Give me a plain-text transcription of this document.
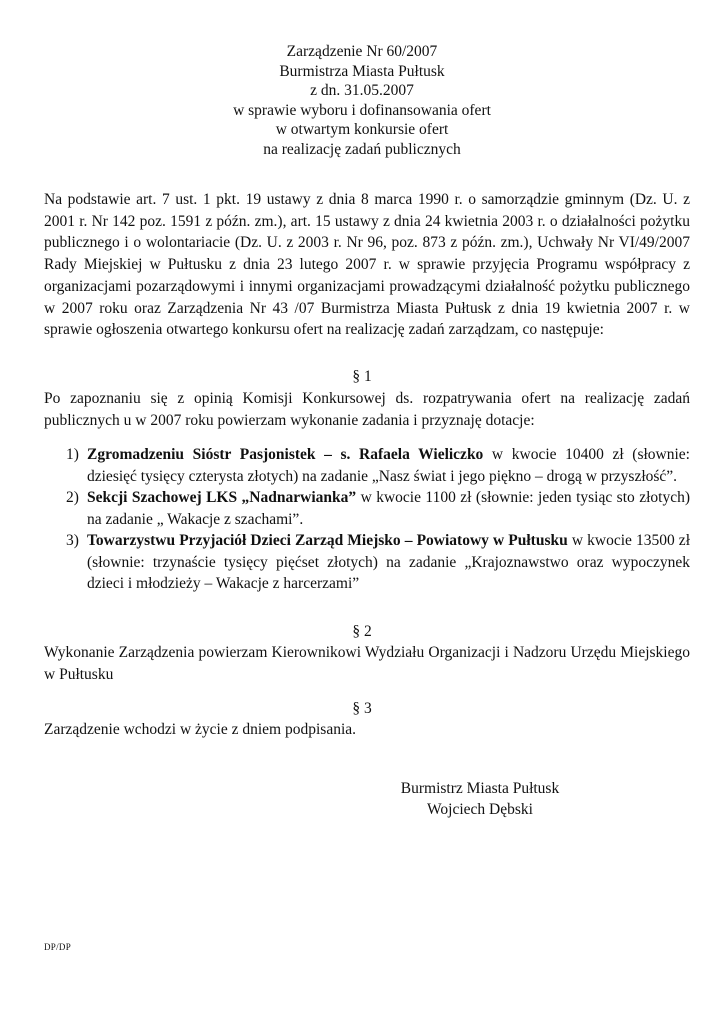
Zarządzenie Nr 60/2007
Burmistrza Miasta Pułtusk
z dn. 31.05.2007
w sprawie wyboru i dofinansowania ofert
w otwartym konkursie ofert
na realizację zadań publicznych

Na podstawie art. 7 ust. 1 pkt. 19 ustawy z dnia 8 marca 1990 r. o samorządzie gminnym (Dz. U. z 2001 r. Nr 142 poz. 1591 z późn. zm.), art. 15 ustawy z dnia 24 kwietnia 2003 r. o działalności pożytku publicznego i o wolontariacie (Dz. U. z 2003 r. Nr 96, poz. 873 z późn. zm.), Uchwały Nr VI/49/2007 Rady Miejskiej w Pułtusku z dnia 23 lutego 2007 r. w sprawie przyjęcia Programu współpracy z organizacjami pozarządowymi i innymi organizacjami prowadzącymi działalność pożytku publicznego w 2007 roku oraz Zarządzenia Nr 43 /07 Burmistrza Miasta Pułtusk z dnia 19 kwietnia 2007 r. w sprawie ogłoszenia otwartego konkursu ofert na realizację zadań zarządzam, co następuje:

§ 1

Po zapoznaniu się z opinią Komisji Konkursowej ds. rozpatrywania ofert na realizację zadań publicznych u w 2007 roku powierzam wykonanie zadania i przyznaję dotacje:

1) Zgromadzeniu Sióstr Pasjonistek – s. Rafaela Wieliczko w kwocie 10400 zł (słownie: dziesięć tysięcy czterysta złotych) na zadanie „Nasz świat i jego piękno – drogą w przyszłość”.
2) Sekcji Szachowej LKS „Nadnarwianka” w kwocie 1100 zł (słownie: jeden tysiąc sto złotych) na zadanie „ Wakacje z szachami”.
3) Towarzystwu Przyjaciół Dzieci Zarząd Miejsko – Powiatowy w Pułtusku w kwocie 13500 zł (słownie: trzynaście tysięcy pięćset złotych) na zadanie „Krajoznawstwo oraz wypoczynek dzieci i młodzieży – Wakacje z harcerzami”
§ 2

Wykonanie Zarządzenia powierzam Kierownikowi Wydziału Organizacji i Nadzoru Urzędu Miejskiego w Pułtusku

§ 3

Zarządzenie wchodzi w życie z dniem podpisania.

Burmistrz Miasta Pułtusk
Wojciech Dębski
DP/DP
